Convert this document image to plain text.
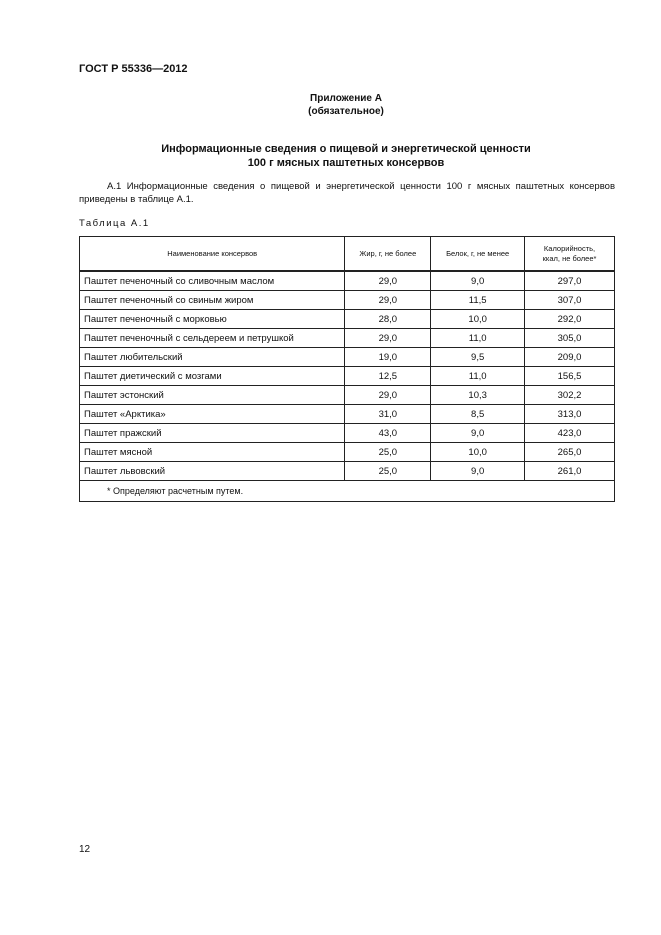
ГОСТ Р 55336—2012
Приложение А
(обязательное)
Информационные сведения о пищевой и энергетической ценности
100 г мясных паштетных консервов
А.1 Информационные сведения о пищевой и энергетической ценности 100 г мясных паштетных консервов приведены в таблице А.1.
Таблица А.1
Наименование консервов	Жир, г, не более	Белок, г, не менее	Калорийность,
ккал, не более*
Паштет печеночный со сливочным маслом	29,0	9,0	297,0
Паштет печеночный со свиным жиром	29,0	11,5	307,0
Паштет печеночный с морковью	28,0	10,0	292,0
Паштет печеночный с сельдереем и петрушкой	29,0	11,0	305,0
Паштет любительский	19,0	9,5	209,0
Паштет диетический с мозгами	12,5	11,0	156,5
Паштет эстонский	29,0	10,3	302,2
Паштет «Арктика»	31,0	8,5	313,0
Паштет пражский	43,0	9,0	423,0
Паштет мясной	25,0	10,0	265,0
Паштет львовский	25,0	9,0	261,0
* Определяют расчетным путем.			
12
